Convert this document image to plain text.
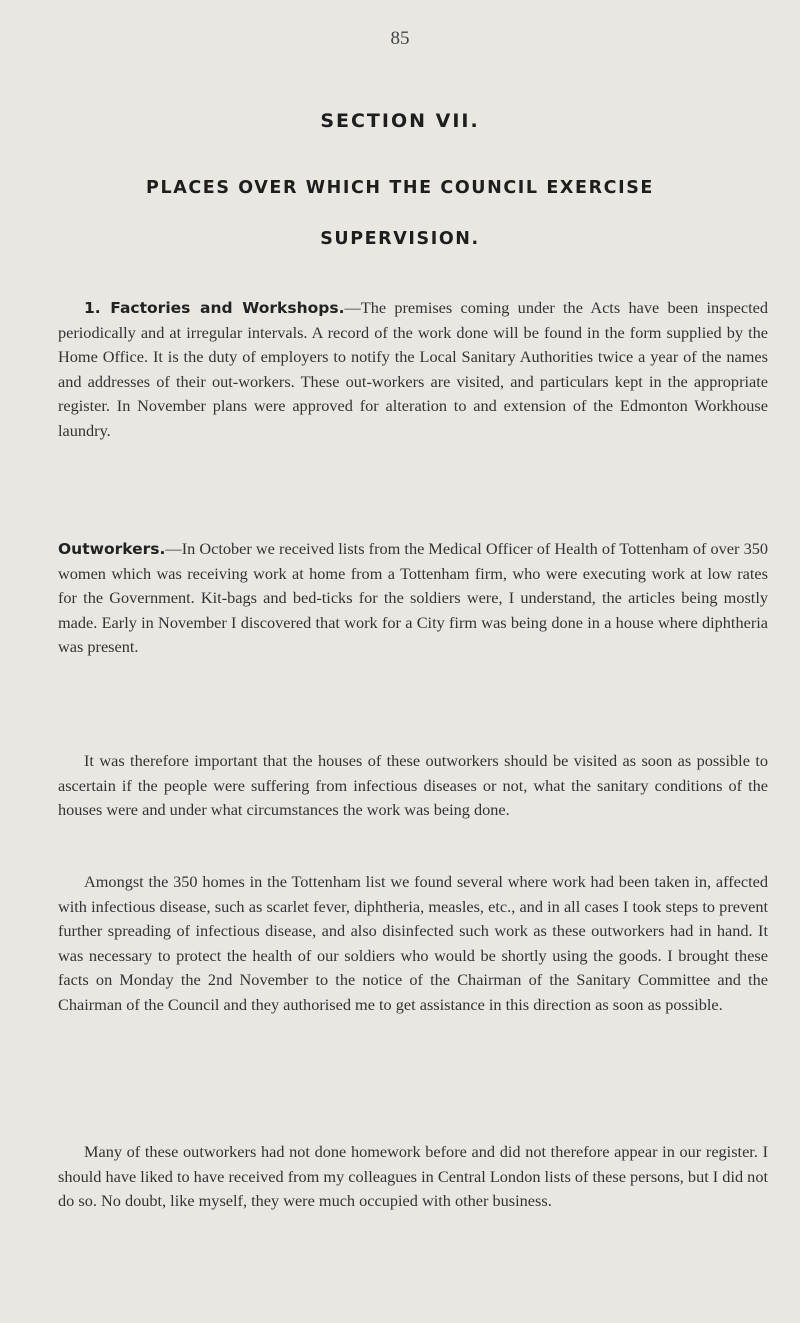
85
SECTION VII.
PLACES OVER WHICH THE COUNCIL EXERCISE
SUPERVISION.
1. Factories and Workshops.—The premises coming under the Acts have been inspected periodically and at irregular intervals. A record of the work done will be found in the form supplied by the Home Office. It is the duty of employers to notify the Local Sanitary Authorities twice a year of the names and addresses of their out-workers. These out-workers are visited, and particulars kept in the appropriate register. In November plans were approved for alteration to and extension of the Edmonton Workhouse laundry.
Outworkers.—In October we received lists from the Medical Officer of Health of Tottenham of over 350 women which was receiving work at home from a Tottenham firm, who were executing work at low rates for the Government. Kit-bags and bed-ticks for the soldiers were, I understand, the articles being mostly made. Early in November I discovered that work for a City firm was being done in a house where diphtheria was present.
It was therefore important that the houses of these outworkers should be visited as soon as possible to ascertain if the people were suffering from infectious diseases or not, what the sanitary conditions of the houses were and under what circumstances the work was being done.
Amongst the 350 homes in the Tottenham list we found several where work had been taken in, affected with infectious disease, such as scarlet fever, diphtheria, measles, etc., and in all cases I took steps to prevent further spreading of infectious disease, and also disinfected such work as these outworkers had in hand. It was necessary to protect the health of our soldiers who would be shortly using the goods. I brought these facts on Monday the 2nd November to the notice of the Chairman of the Sanitary Committee and the Chairman of the Council and they authorised me to get assistance in this direction as soon as possible.
Many of these outworkers had not done homework before and did not therefore appear in our register. I should have liked to have received from my colleagues in Central London lists of these persons, but I did not do so. No doubt, like myself, they were much occupied with other business.
